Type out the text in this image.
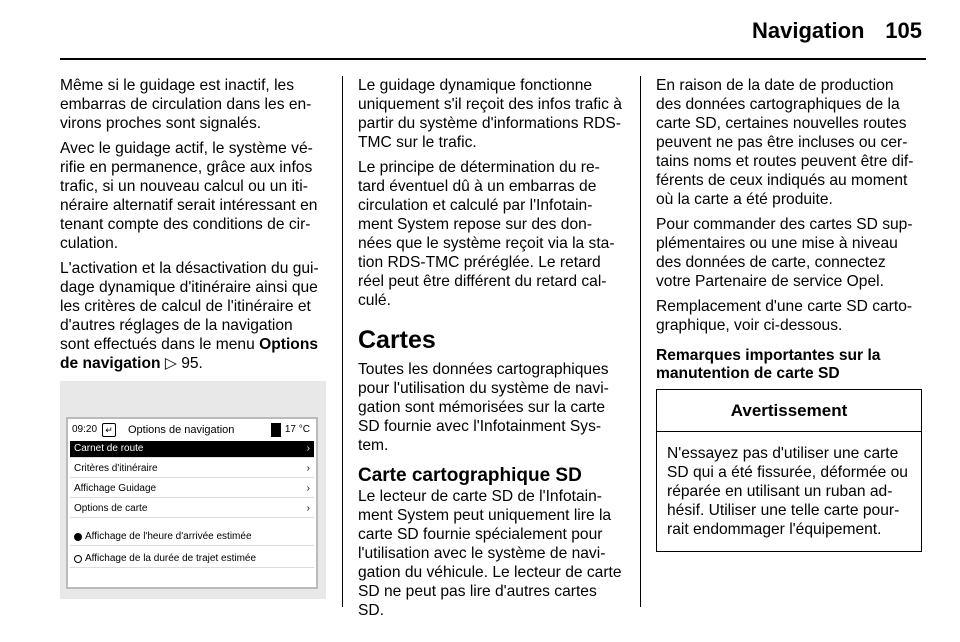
Navigation 105

Même si le guidage est inactif, les embarras de circulation dans les en-virons proches sont signalés.

Avec le guidage actif, le système vé-rifie en permanence, grâce aux infos trafic, si un nouveau calcul ou un iti-néraire alternatif serait intéressant en tenant compte des conditions de cir-culation.

L'activation et la désactivation du gui-dage dynamique d'itinéraire ainsi que les critères de calcul de l'itinéraire et d'autres réglages de la navigation sont effectués dans le menu Options de navigation ▷ 95.

09:20 ↵ Options de navigation	17 °C
Carnet de route	›
Critères d'itinéraire	›
Affichage Guidage	›
Options de carte	›
Affichage de l'heure d'arrivée estimée
Affichage de la durée de trajet estimée

Le guidage dynamique fonctionne uniquement s'il reçoit des infos trafic à partir du système d'informations RDS-TMC sur le trafic.

Le principe de détermination du re-tard éventuel dû à un embarras de circulation et calculé par l'Infotain-ment System repose sur des don-nées que le système reçoit via la sta-tion RDS-TMC préréglée. Le retard réel peut être différent du retard cal-culé.

Cartes

Toutes les données cartographiques pour l'utilisation du système de navi-gation sont mémorisées sur la carte SD fournie avec l'Infotainment Sys-tem.

Carte cartographique SD

Le lecteur de carte SD de l'Infotain-ment System peut uniquement lire la carte SD fournie spécialement pour l'utilisation avec le système de navi-gation du véhicule. Le lecteur de carte SD ne peut pas lire d'autres cartes SD.

En raison de la date de production des données cartographiques de la carte SD, certaines nouvelles routes peuvent ne pas être incluses ou cer-tains noms et routes peuvent être dif-férents de ceux indiqués au moment où la carte a été produite.

Pour commander des cartes SD sup-plémentaires ou une mise à niveau des données de carte, connectez votre Partenaire de service Opel.

Remplacement d'une carte SD carto-graphique, voir ci-dessous.

Remarques importantes sur la manutention de carte SD
Avertissement
N'essayez pas d'utiliser une carte SD qui a été fissurée, déformée ou réparée en utilisant un ruban ad-hésif. Utiliser une telle carte pour-rait endommager l'équipement.
